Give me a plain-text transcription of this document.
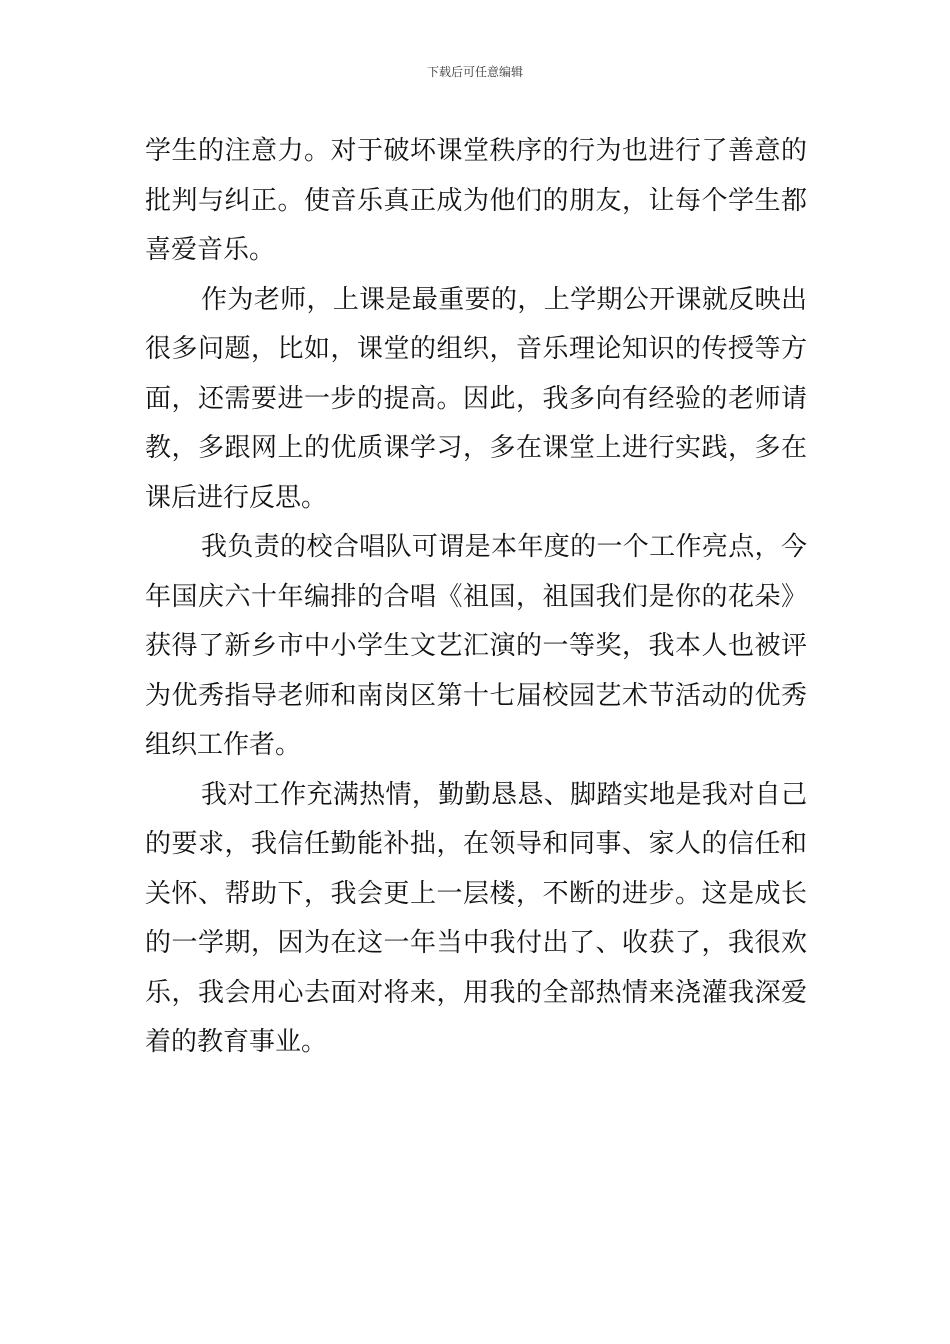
下载后可任意编辑
学生的注意力。对于破坏课堂秩序的行为也进行了善意的
批判与纠正。使音乐真正成为他们的朋友，让每个学生都
喜爱音乐。
作为老师，上课是最重要的，上学期公开课就反映出
很多问题，比如，课堂的组织，音乐理论知识的传授等方
面，还需要进一步的提高。因此，我多向有经验的老师请
教，多跟网上的优质课学习，多在课堂上进行实践，多在
课后进行反思。
我负责的校合唱队可谓是本年度的一个工作亮点，今
年国庆六十年编排的合唱《祖国，祖国我们是你的花朵》
获得了新乡市中小学生文艺汇演的一等奖，我本人也被评
为优秀指导老师和南岗区第十七届校园艺术节活动的优秀
组织工作者。
我对工作充满热情，勤勤恳恳、脚踏实地是我对自己
的要求，我信任勤能补拙，在领导和同事、家人的信任和
关怀、帮助下，我会更上一层楼，不断的进步。这是成长
的一学期，因为在这一年当中我付出了、收获了，我很欢
乐，我会用心去面对将来，用我的全部热情来浇灌我深爱
着的教育事业。
